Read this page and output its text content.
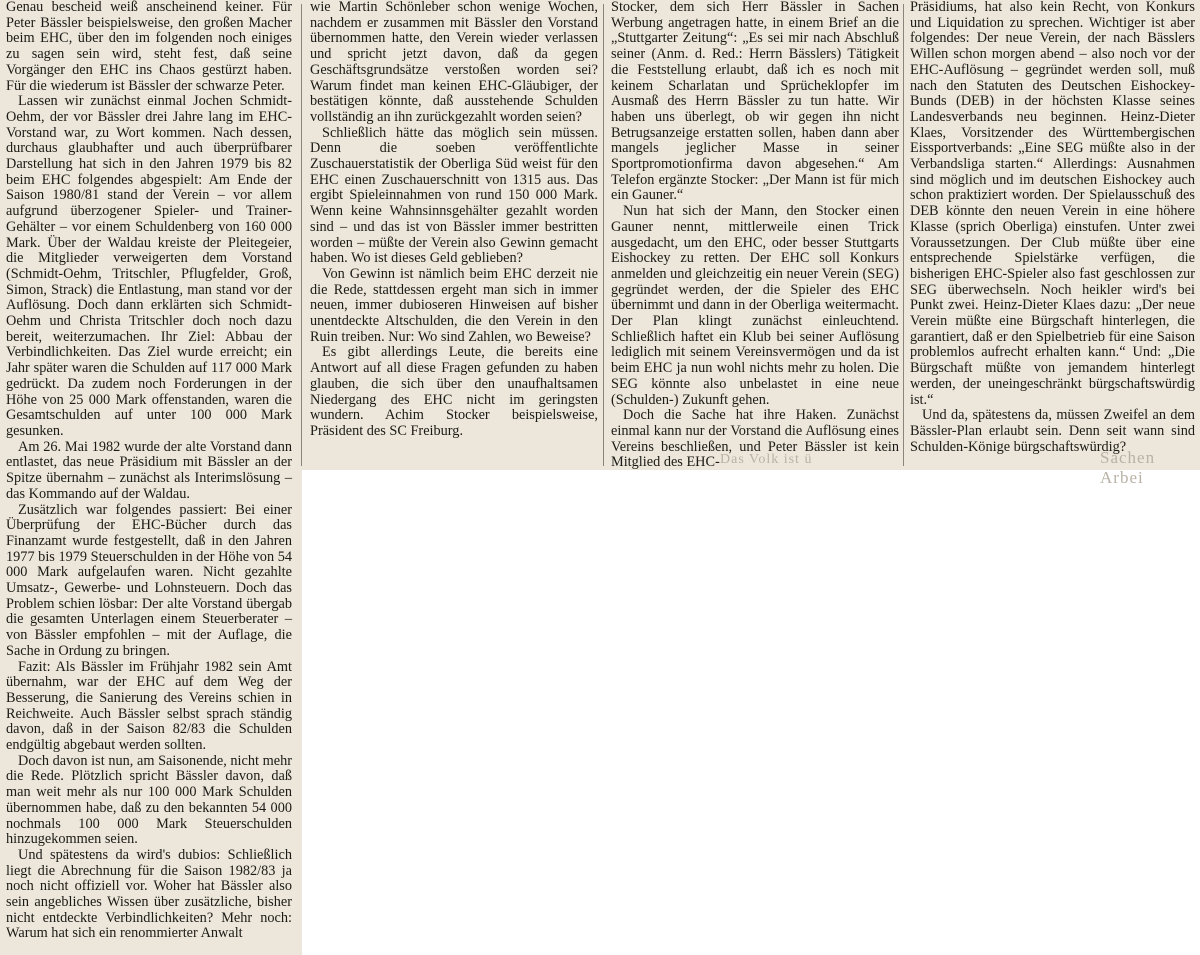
Genau bescheid weiß anscheinend keiner. Für Peter Bässler beispielsweise, den großen Macher beim EHC, über den im folgenden noch einiges zu sagen sein wird, steht fest, daß seine Vorgänger den EHC ins Chaos gestürzt haben. Für die wiederum ist Bässler der schwarze Peter.

Lassen wir zunächst einmal Jochen Schmidt-Oehm, der vor Bässler drei Jahre lang im EHC-Vorstand war, zu Wort kommen. Nach dessen, durchaus glaubhafter und auch überprüfbarer Darstellung hat sich in den Jahren 1979 bis 82 beim EHC folgendes abgespielt: Am Ende der Saison 1980/81 stand der Verein – vor allem aufgrund überzogener Spieler- und Trainer-Gehälter – vor einem Schuldenberg von 160 000 Mark. Über der Waldau kreiste der Pleitegeier, die Mitglieder verweigerten dem Vorstand (Schmidt-Oehm, Tritschler, Pflugfelder, Groß, Simon, Strack) die Entlastung, man stand vor der Auflösung. Doch dann erklärten sich Schmidt-Oehm und Christa Tritschler doch noch dazu bereit, weiterzumachen. Ihr Ziel: Abbau der Verbindlichkeiten. Das Ziel wurde erreicht; ein Jahr später waren die Schulden auf 117 000 Mark gedrückt. Da zudem noch Forderungen in der Höhe von 25 000 Mark offenstanden, waren die Gesamtschulden auf unter 100 000 Mark gesunken.

Am 26. Mai 1982 wurde der alte Vorstand dann entlastet, das neue Präsidium mit Bässler an der Spitze übernahm – zunächst als Interimslösung – das Kommando auf der Waldau.

Zusätzlich war folgendes passiert: Bei einer Überprüfung der EHC-Bücher durch das Finanzamt wurde festgestellt, daß in den Jahren 1977 bis 1979 Steuerschulden in der Höhe von 54 000 Mark aufgelaufen waren. Nicht gezahlte Umsatz-, Gewerbe- und Lohnsteuern. Doch das Problem schien lösbar: Der alte Vorstand übergab die gesamten Unterlagen einem Steuerberater – von Bässler empfohlen – mit der Auflage, die Sache in Ordung zu bringen.

Fazit: Als Bässler im Frühjahr 1982 sein Amt übernahm, war der EHC auf dem Weg der Besserung, die Sanierung des Vereins schien in Reichweite. Auch Bässler selbst sprach ständig davon, daß in der Saison 82/83 die Schulden endgültig abgebaut werden sollten.

Doch davon ist nun, am Saisonende, nicht mehr die Rede. Plötzlich spricht Bässler davon, daß man weit mehr als nur 100 000 Mark Schulden übernommen habe, daß zu den bekannten 54 000 nochmals 100 000 Mark Steuerschulden hinzugekommen seien.

Und spätestens da wird's dubios: Schließlich liegt die Abrechnung für die Saison 1982/83 ja noch nicht offiziell vor. Woher hat Bässler also sein angebliches Wissen über zusätzliche, bisher nicht entdeckte Verbindlichkeiten? Mehr noch: Warum hat sich ein renommierter Anwalt

wie Martin Schönleber schon wenige Wochen, nachdem er zusammen mit Bässler den Vorstand übernommen hatte, den Verein wieder verlassen und spricht jetzt davon, daß da gegen Geschäftsgrundsätze verstoßen worden sei? Warum findet man keinen EHC-Gläubiger, der bestätigen könnte, daß ausstehende Schulden vollständig an ihn zurückgezahlt worden seien?

Schließlich hätte das möglich sein müssen. Denn die soeben veröffentlichte Zuschauerstatistik der Oberliga Süd weist für den EHC einen Zuschauerschnitt von 1315 aus. Das ergibt Spieleinnahmen von rund 150 000 Mark. Wenn keine Wahnsinnsgehälter gezahlt worden sind – und das ist von Bässler immer bestritten worden – müßte der Verein also Gewinn gemacht haben. Wo ist dieses Geld geblieben?

Von Gewinn ist nämlich beim EHC derzeit nie die Rede, stattdessen ergeht man sich in immer neuen, immer dubioseren Hinweisen auf bisher unentdeckte Altschulden, die den Verein in den Ruin treiben. Nur: Wo sind Zahlen, wo Beweise?

Es gibt allerdings Leute, die bereits eine Antwort auf all diese Fragen gefunden zu haben glauben, die sich über den unaufhaltsamen Niedergang des EHC nicht im geringsten wundern. Achim Stocker beispielsweise, Präsident des SC Freiburg.

Stocker, dem sich Herr Bässler in Sachen Werbung angetragen hatte, in einem Brief an die „Stuttgarter Zeitung“: „Es sei mir nach Abschluß seiner (Anm. d. Red.: Herrn Bässlers) Tätigkeit die Feststellung erlaubt, daß ich es noch mit keinem Scharlatan und Sprücheklopfer im Ausmaß des Herrn Bässler zu tun hatte. Wir haben uns überlegt, ob wir gegen ihn nicht Betrugsanzeige erstatten sollen, haben dann aber mangels jeglicher Masse in seiner Sportpromotionfirma davon abgesehen.“ Am Telefon ergänzte Stocker: „Der Mann ist für mich ein Gauner.“

Nun hat sich der Mann, den Stocker einen Gauner nennt, mittlerweile einen Trick ausgedacht, um den EHC, oder besser Stuttgarts Eishockey zu retten. Der EHC soll Konkurs anmelden und gleichzeitig ein neuer Verein (SEG) gegründet werden, der die Spieler des EHC übernimmt und dann in der Oberliga weitermacht. Der Plan klingt zunächst einleuchtend. Schließlich haftet ein Klub bei seiner Auflösung lediglich mit seinem Vereinsvermögen und da ist beim EHC ja nun wohl nichts mehr zu holen. Die SEG könnte also unbelastet in eine neue (Schulden-) Zukunft gehen.

Doch die Sache hat ihre Haken. Zunächst einmal kann nur der Vorstand die Auflösung eines Vereins beschließen, und Peter Bässler ist kein Mitglied des EHC-

Präsidiums, hat also kein Recht, von Konkurs und Liquidation zu sprechen. Wichtiger ist aber folgendes: Der neue Verein, der nach Bässlers Willen schon morgen abend – also noch vor der EHC-Auflösung – gegründet werden soll, muß nach den Statuten des Deutschen Eishockey-Bunds (DEB) in der höchsten Klasse seines Landesverbands neu beginnen. Heinz-Dieter Klaes, Vorsitzender des Württembergischen Eissportverbands: „Eine SEG müßte also in der Verbandsliga starten.“ Allerdings: Ausnahmen sind möglich und im deutschen Eishockey auch schon praktiziert worden. Der Spielausschuß des DEB könnte den neuen Verein in eine höhere Klasse (sprich Oberliga) einstufen. Unter zwei Voraussetzungen. Der Club müßte über eine entsprechende Spielstärke verfügen, die bisherigen EHC-Spieler also fast geschlossen zur SEG überwechseln. Noch heikler wird's bei Punkt zwei. Heinz-Dieter Klaes dazu: „Der neue Verein müßte eine Bürgschaft hinterlegen, die garantiert, daß er den Spielbetrieb für eine Saison problemlos aufrecht erhalten kann.“ Und: „Die Bürgschaft müßte von jemandem hinterlegt werden, der uneingeschränkt bürgschaftswürdig ist.“

Und da, spätestens da, müssen Zweifel an dem Bässler-Plan erlaubt sein. Denn seit wann sind Schulden-Könige bürgschaftswürdig?

Sachen Arbei
Das Volk ist ü
